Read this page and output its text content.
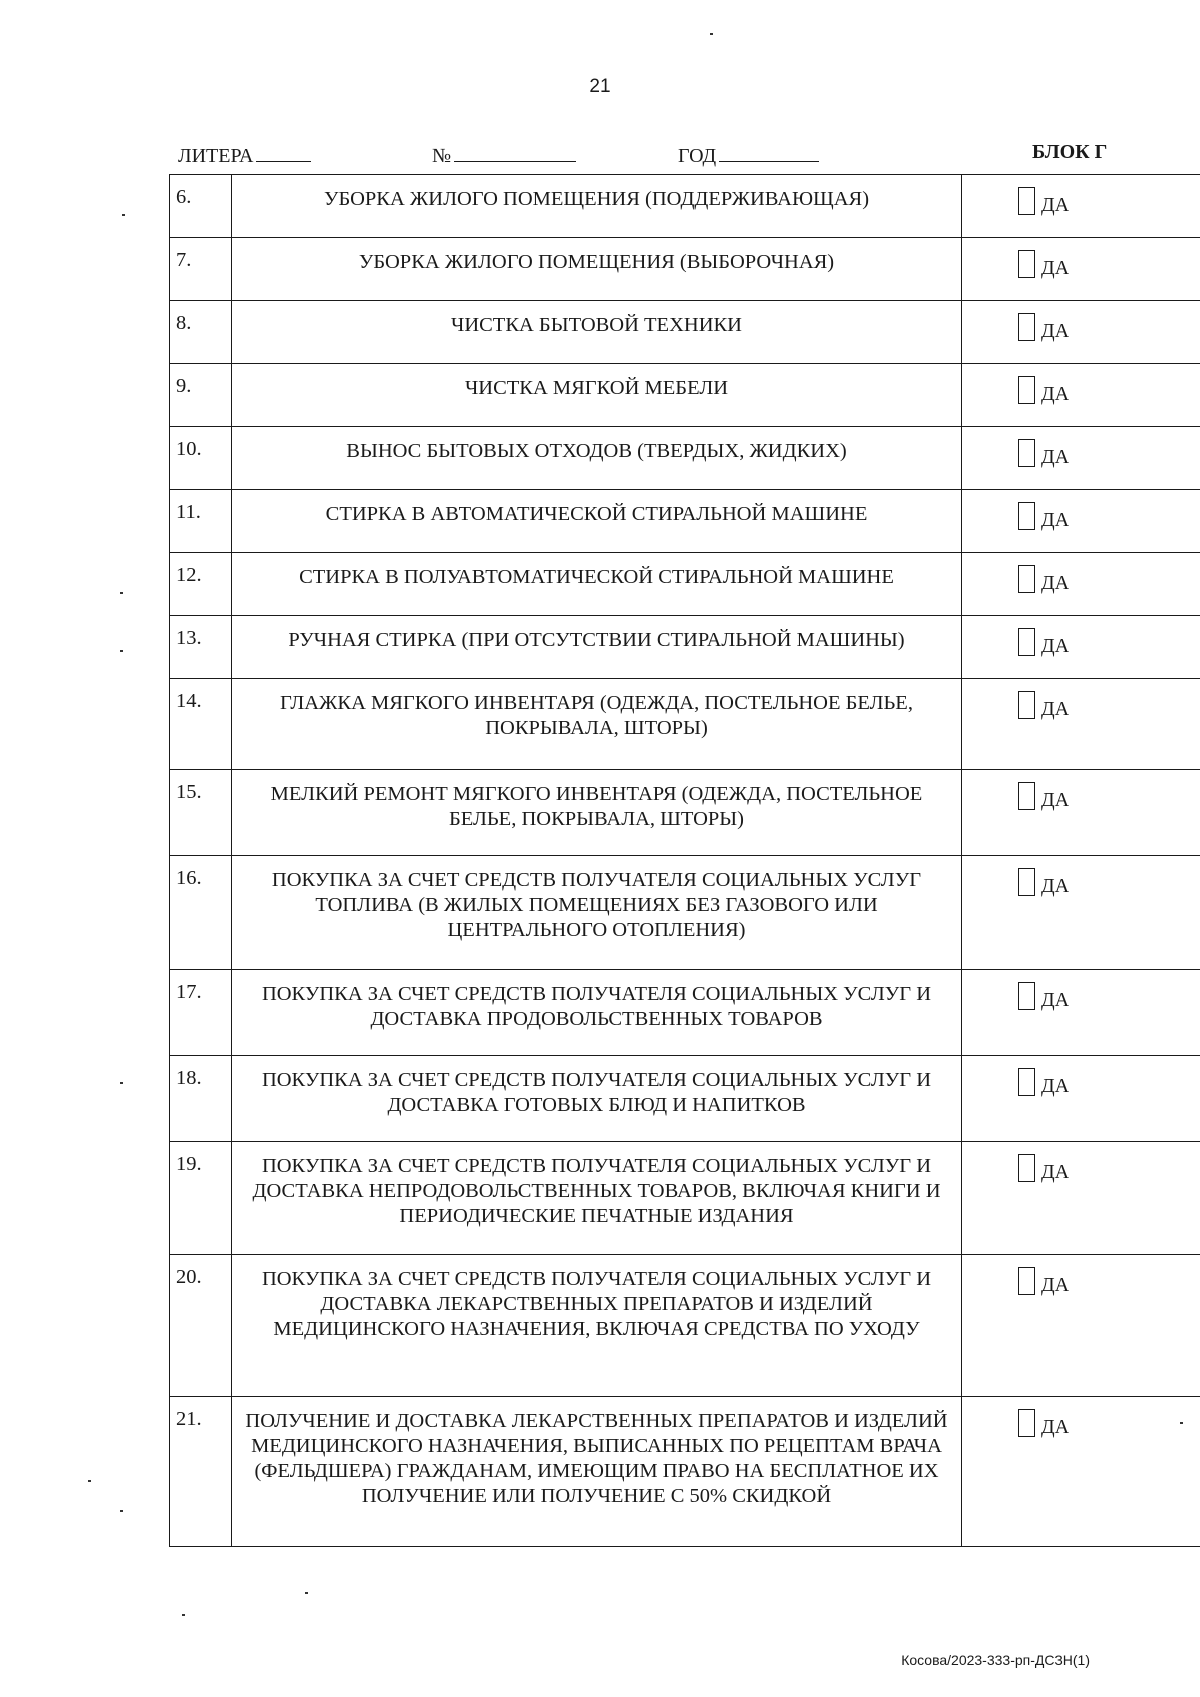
21
ЛИТЕРА	№	ГОД	БЛОК Г
6.	УБОРКА ЖИЛОГО ПОМЕЩЕНИЯ (ПОДДЕРЖИВАЮЩАЯ)	ДА

7.	УБОРКА ЖИЛОГО ПОМЕЩЕНИЯ (ВЫБОРОЧНАЯ)	ДА

8.	ЧИСТКА БЫТОВОЙ ТЕХНИКИ	ДА

9.	ЧИСТКА МЯГКОЙ МЕБЕЛИ	ДА

10.	ВЫНОС БЫТОВЫХ ОТХОДОВ (ТВЕРДЫХ, ЖИДКИХ)	ДА

11.	СТИРКА В АВТОМАТИЧЕСКОЙ СТИРАЛЬНОЙ МАШИНЕ	ДА

12.	СТИРКА В ПОЛУАВТОМАТИЧЕСКОЙ СТИРАЛЬНОЙ МАШИНЕ	ДА

13.	РУЧНАЯ СТИРКА (ПРИ ОТСУТСТВИИ СТИРАЛЬНОЙ МАШИНЫ)	ДА

14.	ГЛАЖКА МЯГКОГО ИНВЕНТАРЯ (ОДЕЖДА, ПОСТЕЛЬНОЕ БЕЛЬЕ, ПОКРЫВАЛА, ШТОРЫ)	ДА

15.	МЕЛКИЙ РЕМОНТ МЯГКОГО ИНВЕНТАРЯ (ОДЕЖДА, ПОСТЕЛЬНОЕ БЕЛЬЕ, ПОКРЫВАЛА, ШТОРЫ)	ДА

16.	ПОКУПКА ЗА СЧЕТ СРЕДСТВ ПОЛУЧАТЕЛЯ СОЦИАЛЬНЫХ УСЛУГ ТОПЛИВА (В ЖИЛЫХ ПОМЕЩЕНИЯХ БЕЗ ГАЗОВОГО ИЛИ ЦЕНТРАЛЬНОГО ОТОПЛЕНИЯ)	ДА

17.	ПОКУПКА ЗА СЧЕТ СРЕДСТВ ПОЛУЧАТЕЛЯ СОЦИАЛЬНЫХ УСЛУГ И ДОСТАВКА ПРОДОВОЛЬСТВЕННЫХ ТОВАРОВ	ДА

18.	ПОКУПКА ЗА СЧЕТ СРЕДСТВ ПОЛУЧАТЕЛЯ СОЦИАЛЬНЫХ УСЛУГ И ДОСТАВКА ГОТОВЫХ БЛЮД И НАПИТКОВ	ДА

19.	ПОКУПКА ЗА СЧЕТ СРЕДСТВ ПОЛУЧАТЕЛЯ СОЦИАЛЬНЫХ УСЛУГ И ДОСТАВКА НЕПРОДОВОЛЬСТВЕННЫХ ТОВАРОВ, ВКЛЮЧАЯ КНИГИ И ПЕРИОДИЧЕСКИЕ ПЕЧАТНЫЕ ИЗДАНИЯ	ДА

20.	ПОКУПКА ЗА СЧЕТ СРЕДСТВ ПОЛУЧАТЕЛЯ СОЦИАЛЬНЫХ УСЛУГ И ДОСТАВКА ЛЕКАРСТВЕННЫХ ПРЕПАРАТОВ И ИЗДЕЛИЙ МЕДИЦИНСКОГО НАЗНАЧЕНИЯ, ВКЛЮЧАЯ СРЕДСТВА ПО УХОДУ	ДА

21.	ПОЛУЧЕНИЕ И ДОСТАВКА ЛЕКАРСТВЕННЫХ ПРЕПАРАТОВ И ИЗДЕЛИЙ МЕДИЦИНСКОГО НАЗНАЧЕНИЯ, ВЫПИСАННЫХ ПО РЕЦЕПТАМ ВРАЧА (ФЕЛЬДШЕРА) ГРАЖДАНАМ, ИМЕЮЩИМ ПРАВО НА БЕСПЛАТНОЕ ИХ ПОЛУЧЕНИЕ ИЛИ ПОЛУЧЕНИЕ С 50% СКИДКОЙ	ДА
Косова/2023-333-рп-ДСЗН(1)
